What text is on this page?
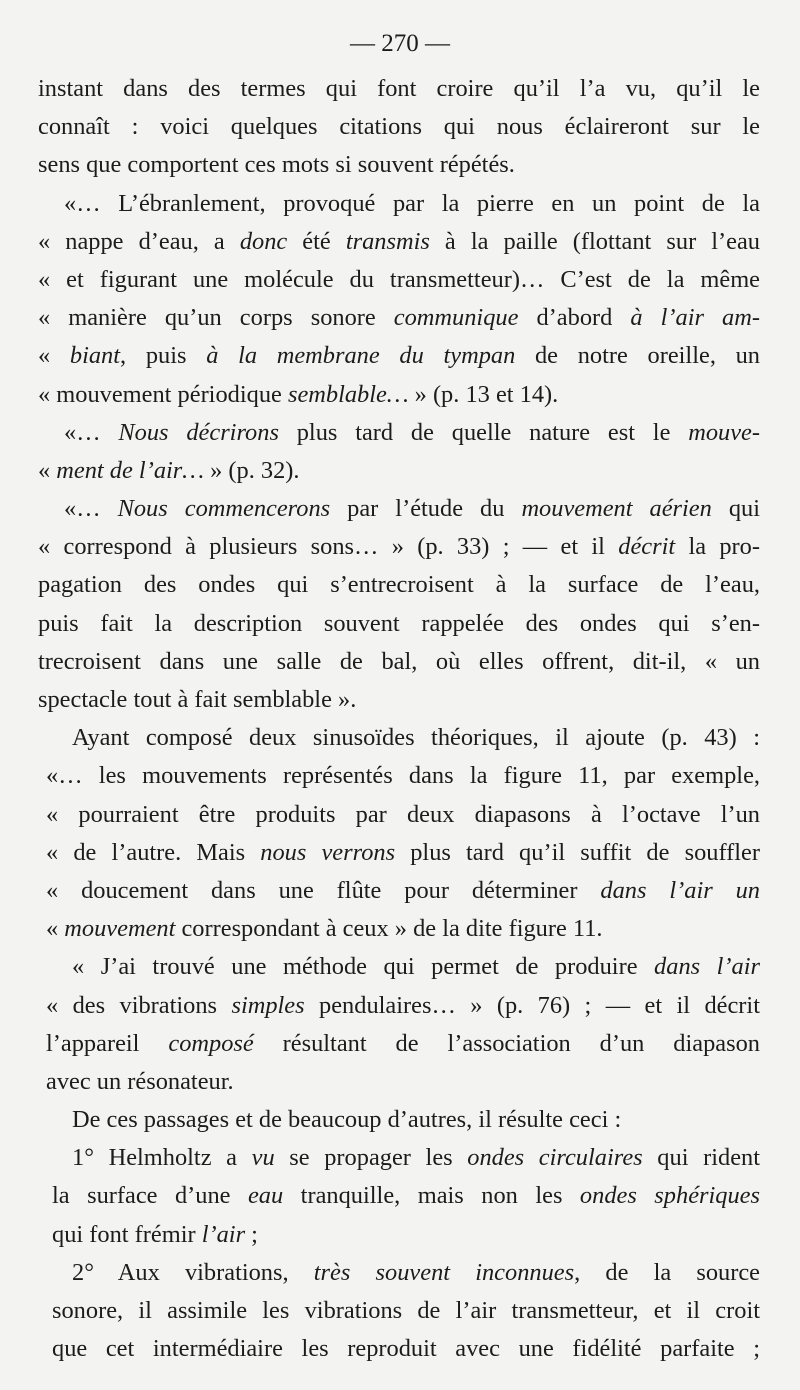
— 270 —
instant dans des termes qui font croire qu’il l’a vu, qu’il le
connaît : voici quelques citations qui nous éclaireront sur le
sens que comportent ces mots si souvent répétés.
«… L’ébranlement, provoqué par la pierre en un point de la
« nappe d’eau, a donc été transmis à la paille (flottant sur l’eau
« et figurant une molécule du transmetteur)… C’est de la même
« manière qu’un corps sonore communique d’abord à l’air am-
« biant, puis à la membrane du tympan de notre oreille, un
« mouvement périodique semblable… » (p. 13 et 14).
«… Nous décrirons plus tard de quelle nature est le mouve-
« ment de l’air… » (p. 32).
«… Nous commencerons par l’étude du mouvement aérien qui
« correspond à plusieurs sons… » (p. 33) ; — et il décrit la pro-
pagation des ondes qui s’entrecroisent à la surface de l’eau,
puis fait la description souvent rappelée des ondes qui s’en-
trecroisent dans une salle de bal, où elles offrent, dit-il, « un
spectacle tout à fait semblable ».
Ayant composé deux sinusoïdes théoriques, il ajoute (p. 43) :
«… les mouvements représentés dans la figure 11, par exemple,
« pourraient être produits par deux diapasons à l’octave l’un
« de l’autre. Mais nous verrons plus tard qu’il suffit de souffler
« doucement dans une flûte pour déterminer dans l’air un
« mouvement correspondant à ceux » de la dite figure 11.
« J’ai trouvé une méthode qui permet de produire dans l’air
« des vibrations simples pendulaires… » (p. 76) ; — et il décrit
l’appareil composé résultant de l’association d’un diapason
avec un résonateur.
De ces passages et de beaucoup d’autres, il résulte ceci :
1° Helmholtz a vu se propager les ondes circulaires qui rident
la surface d’une eau tranquille, mais non les ondes sphériques
qui font frémir l’air ;
2° Aux vibrations, très souvent inconnues, de la source
sonore, il assimile les vibrations de l’air transmetteur, et il croit
que cet intermédiaire les reproduit avec une fidélité parfaite ;
